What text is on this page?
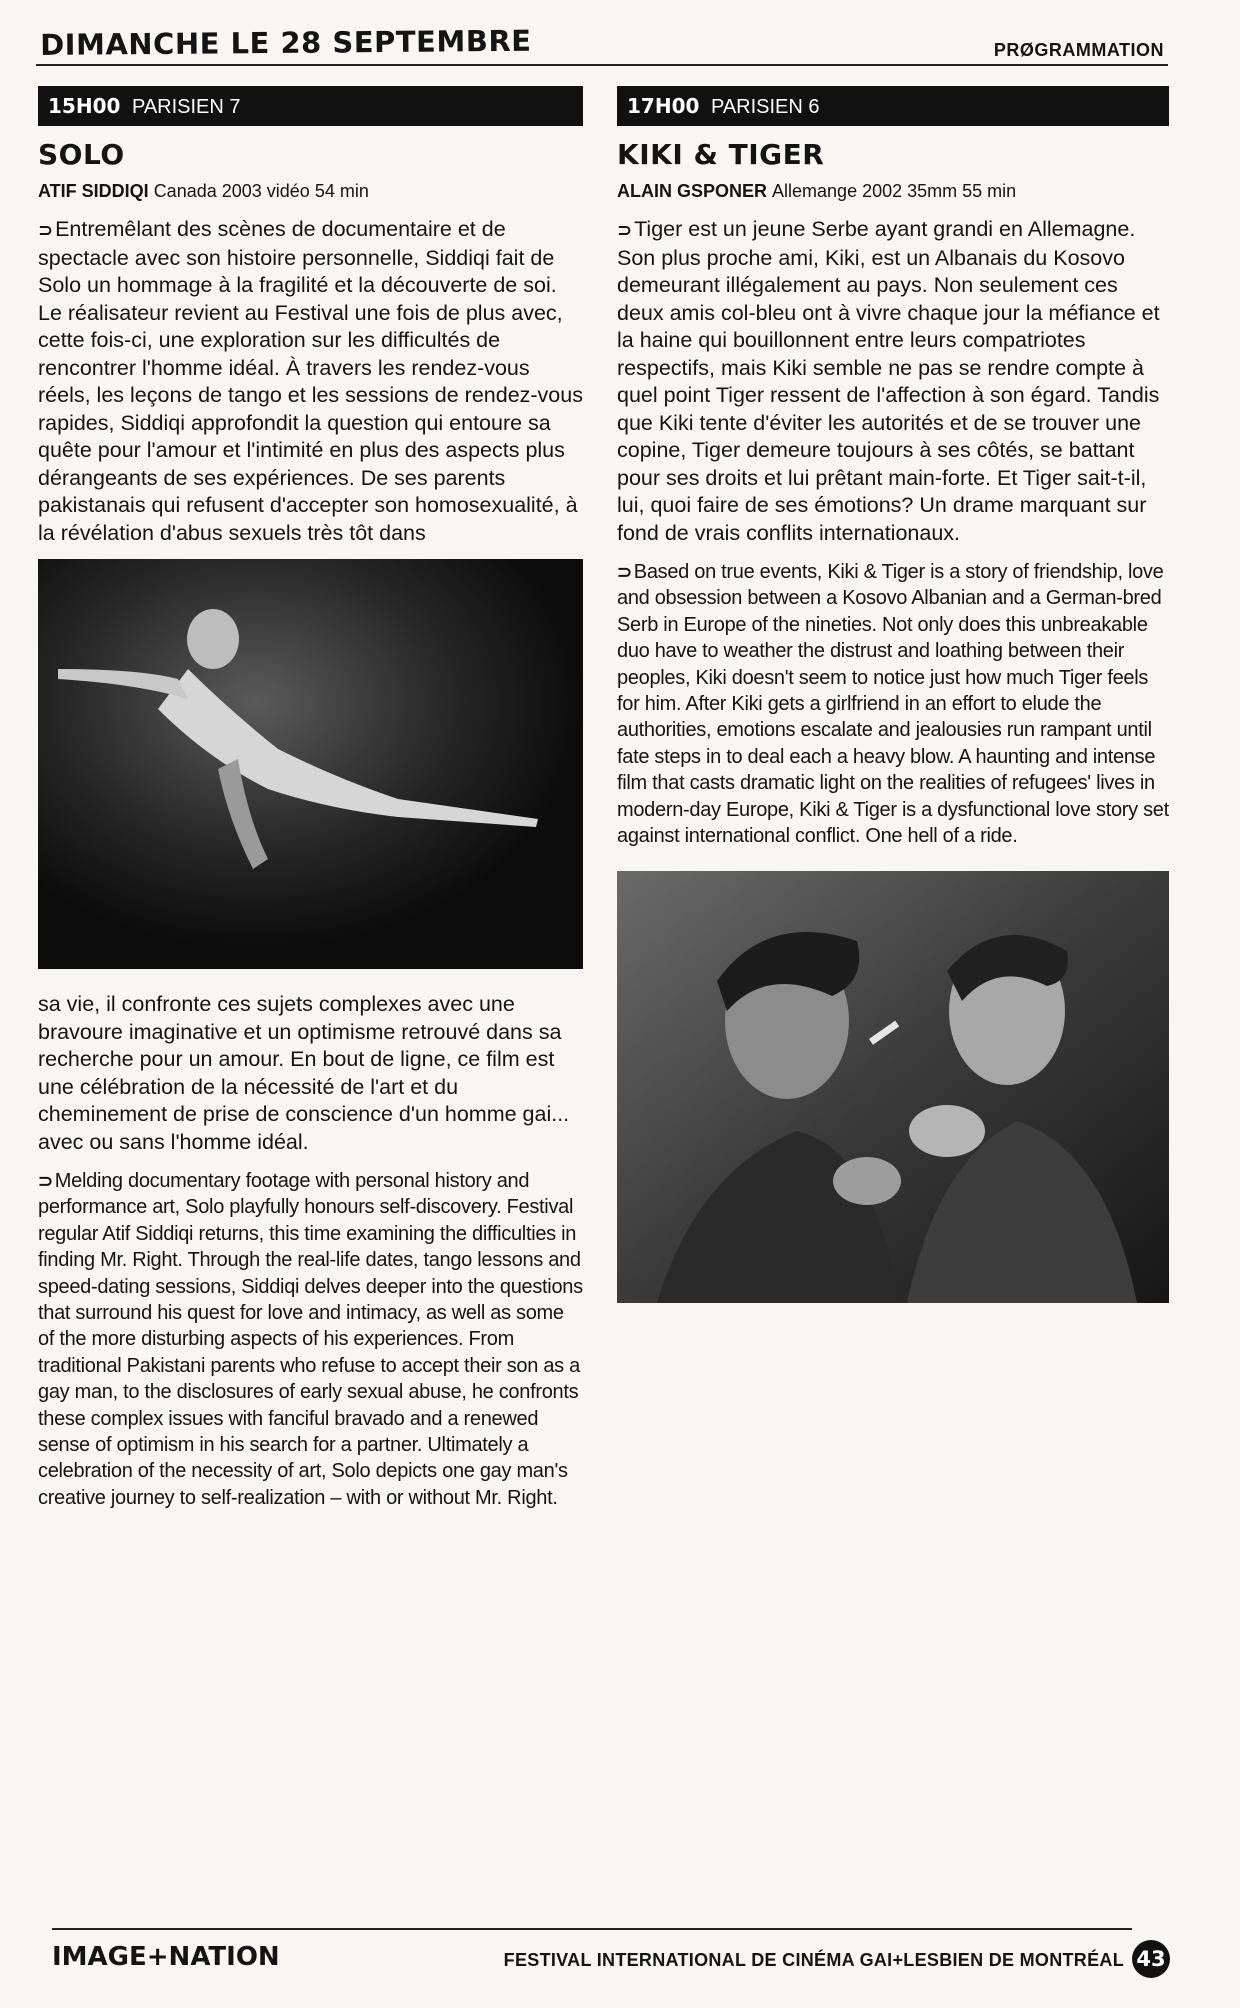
DIMANCHE LE 28 SEPTEMBRE	PRØGRAMMATION
15H00 PARISIEN 7
SOLO
ATIF SIDDIQI Canada 2003 vidéo 54 min

⊃Entremêlant des scènes de documentaire et de spectacle avec son histoire personnelle, Siddiqi fait de Solo un hommage à la fragilité et la découverte de soi. Le réalisateur revient au Festival une fois de plus avec, cette fois-ci, une exploration sur les difficultés de rencontrer l'homme idéal. À travers les rendez-vous réels, les leçons de tango et les sessions de rendez-vous rapides, Siddiqi approfondit la question qui entoure sa quête pour l'amour et l'intimité en plus des aspects plus dérangeants de ses expériences. De ses parents pakistanais qui refusent d'accepter son homosexualité, à la révélation d'abus sexuels très tôt dans

sa vie, il confronte ces sujets complexes avec une bravoure imaginative et un optimisme retrouvé dans sa recherche pour un amour. En bout de ligne, ce film est une célébration de la nécessité de l'art et du cheminement de prise de conscience d'un homme gai... avec ou sans l'homme idéal.

⊃ Melding documentary footage with personal history and performance art, Solo playfully honours self-discovery. Festival regular Atif Siddiqi returns, this time examining the difficulties in finding Mr. Right. Through the real-life dates, tango lessons and speed-dating sessions, Siddiqi delves deeper into the questions that surround his quest for love and intimacy, as well as some of the more disturbing aspects of his experiences. From traditional Pakistani parents who refuse to accept their son as a gay man, to the disclosures of early sexual abuse, he confronts these complex issues with fanciful bravado and a renewed sense of optimism in his search for a partner. Ultimately a celebration of the necessity of art, Solo depicts one gay man's creative journey to self-realization – with or without Mr. Right.

17H00 PARISIEN 6
KIKI & TIGER
ALAIN GSPONER Allemange 2002 35mm 55 min

⊃Tiger est un jeune Serbe ayant grandi en Allemagne. Son plus proche ami, Kiki, est un Albanais du Kosovo demeurant illégalement au pays. Non seulement ces deux amis col-bleu ont à vivre chaque jour la méfiance et la haine qui bouillonnent entre leurs compatriotes respectifs, mais Kiki semble ne pas se rendre compte à quel point Tiger ressent de l'affection à son égard. Tandis que Kiki tente d'éviter les autorités et de se trouver une copine, Tiger demeure toujours à ses côtés, se battant pour ses droits et lui prêtant main-forte. Et Tiger sait-t-il, lui, quoi faire de ses émotions? Un drame marquant sur fond de vrais conflits internationaux.

⊃ Based on true events, Kiki & Tiger is a story of friendship, love and obsession between a Kosovo Albanian and a German-bred Serb in Europe of the nineties. Not only does this unbreakable duo have to weather the distrust and loathing between their peoples, Kiki doesn't seem to notice just how much Tiger feels for him. After Kiki gets a girlfriend in an effort to elude the authorities, emotions escalate and jealousies run rampant until fate steps in to deal each a heavy blow. A haunting and intense film that casts dramatic light on the realities of refugees' lives in modern-day Europe, Kiki & Tiger is a dysfunctional love story set against international conflict. One hell of a ride.

IMAGE+NATION	FESTIVAL INTERNATIONAL DE CINÉMA GAI+LESBIEN DE MONTRÉAL 43
